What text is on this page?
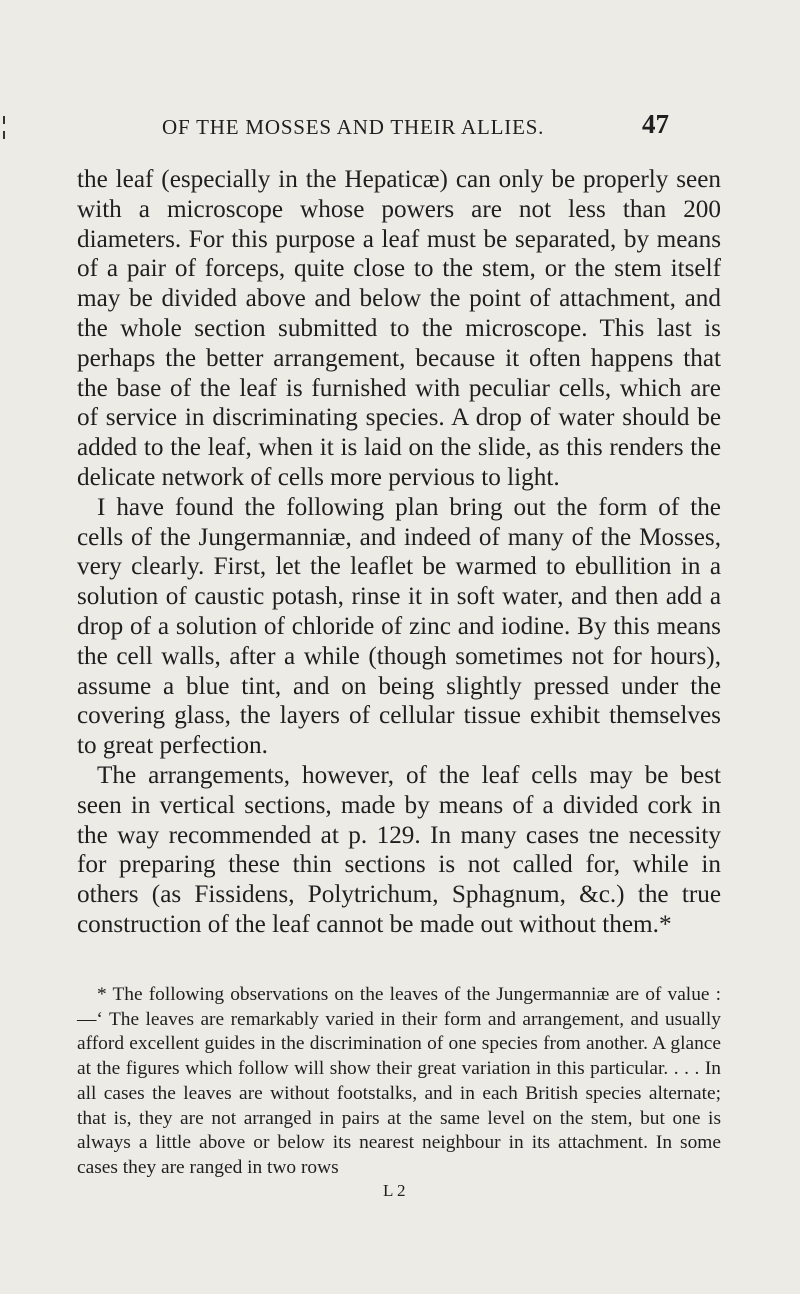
OF THE MOSSES AND THEIR ALLIES.	47

the leaf (especially in the Hepaticæ) can only be properly seen with a microscope whose powers are not less than 200 diameters. For this purpose a leaf must be separated, by means of a pair of forceps, quite close to the stem, or the stem itself may be divided above and below the point of attachment, and the whole section submitted to the microscope. This last is perhaps the better arrangement, because it often happens that the base of the leaf is furnished with peculiar cells, which are of service in discriminating species. A drop of water should be added to the leaf, when it is laid on the slide, as this renders the delicate network of cells more pervious to light.

I have found the following plan bring out the form of the cells of the Jungermanniæ, and indeed of many of the Mosses, very clearly. First, let the leaflet be warmed to ebullition in a solution of caustic potash, rinse it in soft water, and then add a drop of a solution of chloride of zinc and iodine. By this means the cell walls, after a while (though sometimes not for hours), assume a blue tint, and on being slightly pressed under the covering glass, the layers of cellular tissue exhibit themselves to great perfection.

The arrangements, however, of the leaf cells may be best seen in vertical sections, made by means of a divided cork in the way recommended at p. 129. In many cases tne necessity for preparing these thin sections is not called for, while in others (as Fissidens, Polytrichum, Sphagnum, &c.) the true construction of the leaf cannot be made out without them.*

* The following observations on the leaves of the Jungermanniæ are of value :—‘ The leaves are remarkably varied in their form and arrangement, and usually afford excellent guides in the discrimination of one species from another. A glance at the figures which follow will show their great variation in this particular. . . . In all cases the leaves are without footstalks, and in each British species alternate; that is, they are not arranged in pairs at the same level on the stem, but one is always a little above or below its nearest neighbour in its attachment. In some cases they are ranged in two rows

L 2
